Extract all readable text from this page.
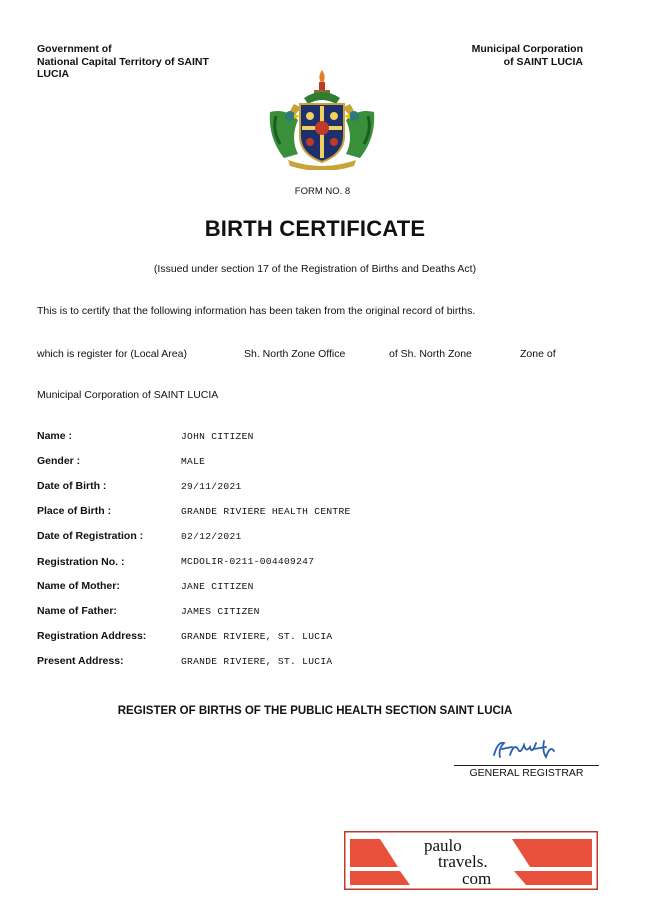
Government of
National Capital Territory of SAINT
LUCIA
Municipal Corporation
of SAINT LUCIA
FORM NO. 8
BIRTH CERTIFICATE
(Issued under section 17 of the Registration of Births and Deaths Act)
This is to certify that the following information has been taken from the original record of births.
which is register for (Local Area)	Sh. North Zone Office	of Sh. North Zone	Zone of
Municipal Corporation of SAINT LUCIA
Name :	JOHN CITIZEN
Gender :	MALE
Date of Birth :	29/11/2021
Place of Birth :	GRANDE RIVIERE HEALTH CENTRE
Date of Registration :	02/12/2021
Registration No. :	MCDOLIR-0211-004409247
Name of Mother:	JANE CITIZEN
Name of Father:	JAMES CITIZEN
Registration Address:	GRANDE RIVIERE, ST. LUCIA
Present Address:	GRANDE RIVIERE, ST. LUCIA
REGISTER OF BIRTHS OF THE PUBLIC HEALTH SECTION SAINT LUCIA
GENERAL REGISTRAR
paulo
travels.
com
